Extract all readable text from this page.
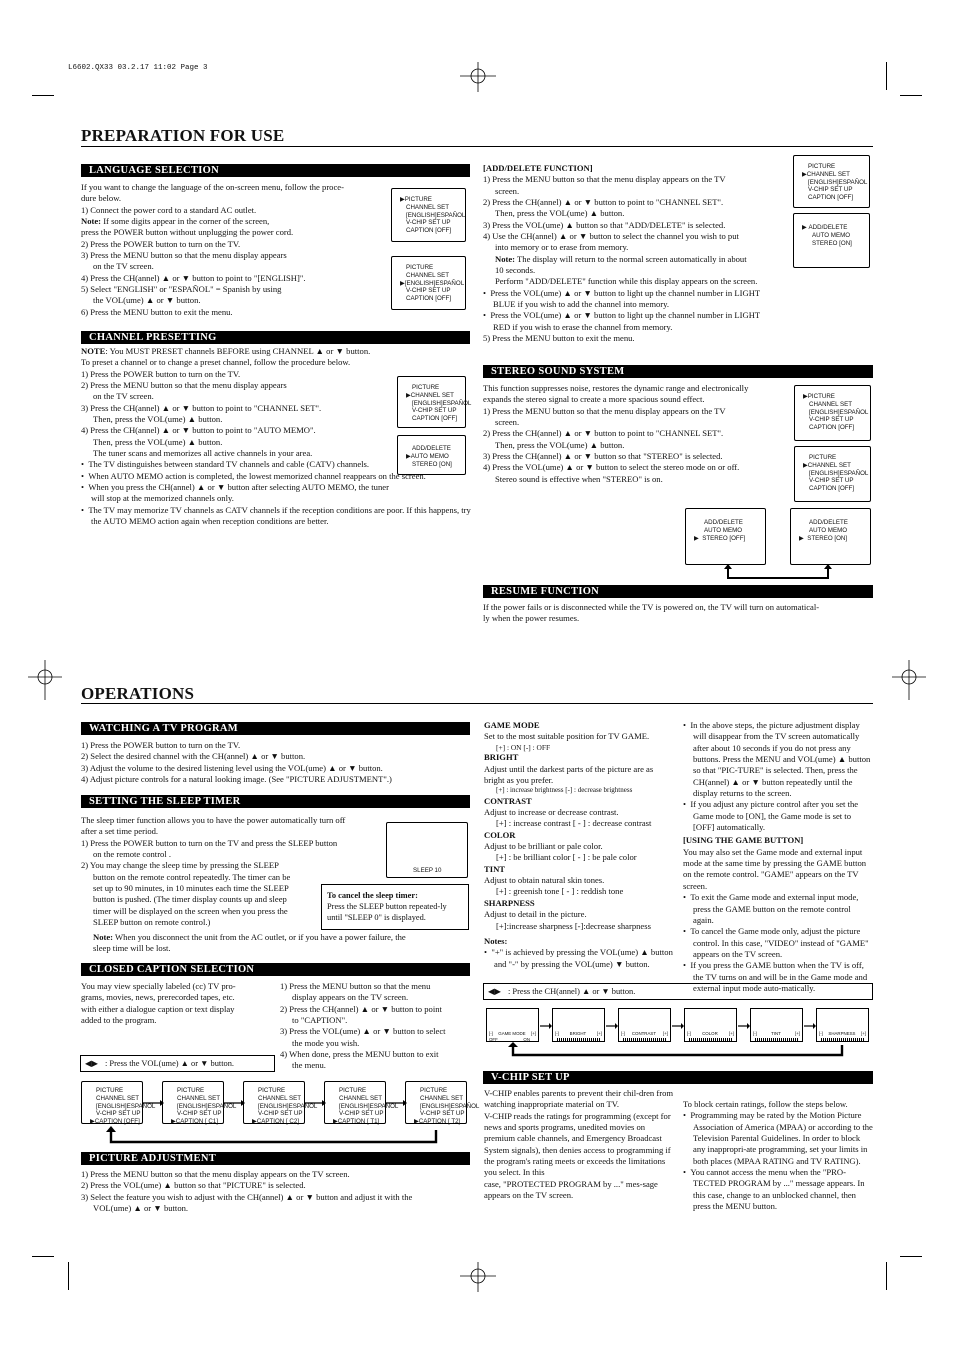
L6602.QX33 03.2.17 11:02 Page 3
PREPARATION FOR USE
LANGUAGE SELECTION

If you want to change the language of the on-screen menu, follow the proce-

dure below.

1) Connect the power cord to a standard AC outlet.

Note: If some digits appear in the corner of the screen,

press the POWER button without unplugging the power cord.

2) Press the POWER button to turn on the TV.

3) Press the MENU button so that the menu display appears

on the TV screen.

4) Press the CH(annel) ▲ or ▼ button to point to "[ENGLISH]".

5) Select "ENGLISH" or "ESPAÑOL" = Spanish by using

the VOL(ume) ▲ or ▼ button.

6) Press the MENU button to exit the menu.

▶PICTURE
CHANNEL SET
[ENGLISH]ESPAÑOL
V-CHIP SET UP
CAPTION [OFF]
PICTURE
CHANNEL SET
▶[ENGLISH]ESPAÑOL
V-CHIP SET UP
CAPTION [OFF]
CHANNEL PRESETTING

NOTE: You MUST PRESET channels BEFORE using CHANNEL ▲ or ▼ button.

To preset a channel or to change a preset channel, follow the procedure below.

1) Press the POWER button to turn on the TV.

2) Press the MENU button so that the menu display appears

on the TV screen.

3) Press the CH(annel) ▲ or ▼ button to point to "CHANNEL SET".

Then, press the VOL(ume) ▲ button.

4) Press the CH(annel) ▲ or ▼ button to point to "AUTO MEMO".

Then, press the VOL(ume) ▲ button.

The tuner scans and memorizes all active channels in your area.

•  The TV distinguishes between standard TV channels and cable (CATV) channels.

•  When AUTO MEMO action is completed, the lowest memorized channel reappears on the screen.

•  When you press the CH(annel) ▲ or ▼ button after selecting AUTO MEMO, the tuner will stop at the memorized channels only.

•  The TV may memorize TV channels as CATV channels if the reception conditions are poor. If this happens, try the AUTO MEMO action again when reception conditions are better.

PICTURE
▶CHANNEL SET
[ENGLISH]ESPAÑOL
V-CHIP SET UP
CAPTION [OFF]
ADD/DELETE
▶AUTO MEMO
STEREO [ON]

[ADD/DELETE FUNCTION]

1) Press the MENU button so that the menu display appears on the TV

screen.

2) Press the CH(annel) ▲ or ▼ button to point to "CHANNEL SET".

Then, press the VOL(ume) ▲ button.

3) Press the VOL(ume) ▲ button so that "ADD/DELETE" is selected.

4) Use the CH(annel) ▲ or ▼ button to select the channel you wish to put

into memory or to erase from memory.

Note: The display will return to the normal screen automatically in about

10 seconds.

Perform "ADD/DELETE" function while this display appears on the screen.

•  Press the VOL(ume) ▲ or ▼ button to light up the channel number in LIGHT BLUE if you wish to add the channel into memory.

•  Press the VOL(ume) ▲ or ▼ button to light up the channel number in LIGHT RED if you wish to erase the channel from memory.

5) Press the MENU button to exit the menu.

PICTURE
▶CHANNEL SET
[ENGLISH]ESPAÑOL
V-CHIP SET UP
CAPTION [OFF]
▶ ADD/DELETE
AUTO MEMO
STEREO [ON]
STEREO SOUND SYSTEM

This function suppresses noise, restores the dynamic range and electronically

expands the stereo signal to create a more spacious sound effect.

1) Press the MENU button so that the menu display appears on the TV

screen.

2) Press the CH(annel) ▲ or ▼ button to point to "CHANNEL SET".

Then, press the VOL(ume) ▲ button.

3) Press the CH(annel) ▲ or ▼ button so that "STEREO" is selected.

4) Press the VOL(ume) ▲ or ▼ button to select the stereo mode on or off.

Stereo sound is effective when "STEREO" is on.

▶PICTURE
CHANNEL SET
[ENGLISH]ESPAÑOL
V-CHIP SET UP
CAPTION [OFF]
PICTURE
▶CHANNEL SET
[ENGLISH]ESPAÑOL
V-CHIP SET UP
CAPTION [OFF]
ADD/DELETE
AUTO MEMO
▶ STEREO [OFF]
ADD/DELETE
AUTO MEMO
▶ STEREO [ON]
RESUME FUNCTION

If the power fails or is disconnected while the TV is powered on, the TV will turn on automatical-

ly when the power resumes.

OPERATIONS
WATCHING A TV PROGRAM

1) Press the POWER button to turn on the TV.

2) Select the desired channel with the CH(annel) ▲ or ▼ button.

3) Adjust the volume to the desired listening level using the VOL(ume) ▲ or ▼ button.

4) Adjust picture controls for a natural looking image. (See "PICTURE ADJUSTMENT".)

SETTING THE SLEEP TIMER

The sleep timer function allows you to have the power automatically turn off

after a set time period.

1) Press the POWER button to turn on the TV and press the SLEEP button

on the remote control .

2) You may change the sleep time by pressing the SLEEP

button on the remote control repeatedly. The timer can be

set up to 90 minutes, in 10 minutes each time the SLEEP

button is pushed. (The timer display counts up and sleep

timer will be displayed on the screen when you press the

SLEEP button on remote control.)

Note: When you disconnect the unit from the AC outlet, or if you have a power failure, the

sleep time will be lost.

SLEEP 10

To cancel the sleep timer:

Press the SLEEP button repeated-ly until "SLEEP 0" is displayed.

CLOSED CAPTION SELECTION

You may view specially labeled (cc) TV pro-

grams, movies, news, prerecorded tapes, etc.

with either a dialogue caption or text display

added to the program.

1) Press the MENU button so that the menu

display appears on the TV screen.

2) Press the CH(annel) ▲ or ▼ button to point

to "CAPTION".

3) Press the VOL(ume) ▲ or ▼ button to select

the mode you wish.

4) When done, press the MENU button to exit

the menu.

◀▶ : Press the VOL(ume) ▲ or ▼ button.
PICTURE
CHANNEL SET
[ENGLISH]ESPAÑOL
V-CHIP SET UP
▶CAPTION [OFF]
PICTURE
CHANNEL SET
[ENGLISH]ESPAÑOL
V-CHIP SET UP
▶CAPTION [ C1]
PICTURE
CHANNEL SET
[ENGLISH]ESPAÑOL
V-CHIP SET UP
▶CAPTION [ C2]
PICTURE
CHANNEL SET
[ENGLISH]ESPAÑOL
V-CHIP SET UP
▶CAPTION [ T1]
PICTURE
CHANNEL SET
[ENGLISH]ESPAÑOL
V-CHIP SET UP
▶CAPTION [ T2]
PICTURE ADJUSTMENT

1) Press the MENU button so that the menu display appears on the TV screen.

2) Press the VOL(ume) ▲ button so that "PICTURE" is selected.

3) Select the feature you wish to adjust with the CH(annel) ▲ or ▼ button and adjust it with the

VOL(ume) ▲ or ▼ button.

GAME MODE

Set to the most suitable position for TV GAME.

[+] : ON [-] : OFF

BRIGHT

Adjust until the darkest parts of the picture are as bright as you prefer.

[+] : increase brightness [-] : decrease brightness

CONTRAST

Adjust to increase or decrease contrast.

[+] : increase contrast [ - ] : decrease contrast

COLOR

Adjust to be brilliant or pale color.

[+] : be brilliant color [ - ] : be pale color

TINT

Adjust to obtain natural skin tones.

[+] : greenish tone [ - ] : reddish tone

SHARPNESS

Adjust to detail in the picture.

[+]:increase sharpness [-]:decrease sharpness

Notes:

•  "+" is achieved by pressing the VOL(ume) ▲ button and "-" by pressing the VOL(ume) ▼ button.

•  In the above steps, the picture adjustment display will disappear from the TV screen automatically after about 10 seconds if you do not press any buttons. Press the MENU and VOL(ume) ▲ button so that "PIC-TURE" is selected. Then, press the CH(annel) ▲ or ▼ button repeatedly until the display returns to the screen.

•  If you adjust any picture control after you set the Game mode to [ON], the Game mode is set to [OFF] automatically.

[USING THE GAME BUTTON]

You may also set the Game mode and external input mode at the same time by pressing the GAME button on the remote control. "GAME" appears on the TV screen.

•  To exit the Game mode and external input mode, press the GAME button on the remote control again.

•  To cancel the Game mode only, adjust the picture control. In this case, "VIDEO" instead of "GAME" appears on the TV screen.

•  If you press the GAME button when the TV is off, the TV turns on and will be in the Game mode and external input mode auto-matically.

◀▶ : Press the CH(annel) ▲ or ▼ button.
[-] GAME MODE [+]
OFF	ON
[-] BRIGHT [+]	[-] CONTRAST [+]	[-]	COLOR	[+]	[-]	TINT	[+]	[-] SHARPNESS [+]
V-CHIP SET UP

V-CHIP enables parents to prevent their chil-dren from watching inappropriate material on TV.

V-CHIP reads the ratings for programming (except for news and sports programs, unedited movies on premium cable channels, and Emergency Broadcast System signals), then denies access to programming if the program's rating meets or exceeds the limitations you select. In this

case, "PROTECTED PROGRAM by ..." mes-sage appears on the TV screen.

To block certain ratings, follow the steps below.

•  Programming may be rated by the Motion Picture Association of America (MPAA) or according to the Television Parental Guidelines. In order to block any inappropri-ate programming, set your limits in both places (MPAA RATING and TV RATING).

•  You cannot access the menu when the "PRO-TECTED PROGRAM by ..." message appears. In this case, change to an unblocked channel, then press the MENU button.
